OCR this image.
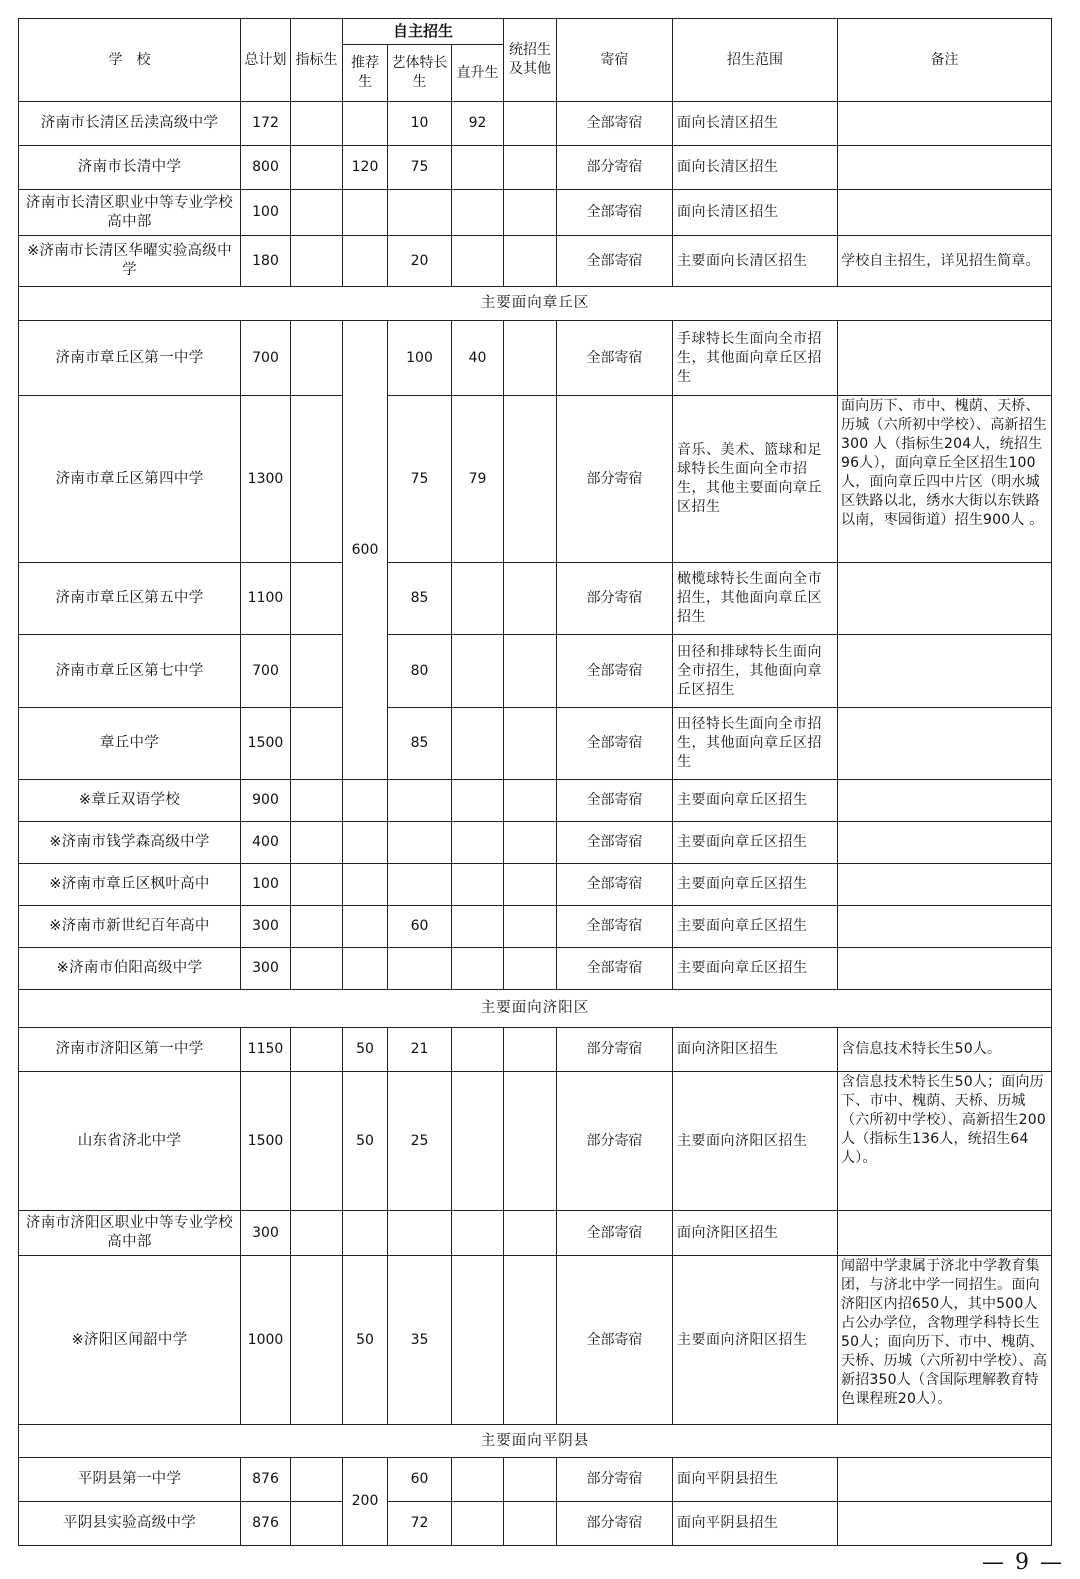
学　校	总计划	指标生	自主招生			统招生及其他	寄宿	招生范围	备注
			推荐生	艺体特长生	直升生				
济南市长清区岳渎高级中学	172			10	92		全部寄宿	面向长清区招生	
济南市长清中学	800		120	75			部分寄宿	面向长清区招生	
济南市长清区职业中等专业学校高中部	100						全部寄宿	面向长清区招生	
※济南市长清区华曜实验高级中学	180			20			全部寄宿	主要面向长清区招生	学校自主招生，详见招生简章。
主要面向章丘区									
济南市章丘区第一中学	700		600	100	40		全部寄宿	手球特长生面向全市招生，其他面向章丘区招生	
济南市章丘区第四中学	1300			75	79		部分寄宿	音乐、美术、篮球和足球特长生面向全市招生，其他主要面向章丘区招生	面向历下、市中、槐荫、天桥、历城（六所初中学校）、高新招生300 人（指标生204人，统招生96人），面向章丘全区招生100人，面向章丘四中片区（明水城区铁路以北，绣水大街以东铁路以南，枣园街道）招生900人 。
济南市章丘区第五中学	1100			85			部分寄宿	橄榄球特长生面向全市招生，其他面向章丘区招生	
济南市章丘区第七中学	700			80			全部寄宿	田径和排球特长生面向全市招生，其他面向章丘区招生	
章丘中学	1500			85			全部寄宿	田径特长生面向全市招生，其他面向章丘区招生	
※章丘双语学校	900						全部寄宿	主要面向章丘区招生	
※济南市钱学森高级中学	400						全部寄宿	主要面向章丘区招生	
※济南市章丘区枫叶高中	100						全部寄宿	主要面向章丘区招生	
※济南市新世纪百年高中	300			60			全部寄宿	主要面向章丘区招生	
※济南市伯阳高级中学	300						全部寄宿	主要面向章丘区招生	
主要面向济阳区									
济南市济阳区第一中学	1150		50	21			部分寄宿	面向济阳区招生	含信息技术特长生50人。
山东省济北中学	1500		50	25			部分寄宿	主要面向济阳区招生	含信息技术特长生50人；面向历下、市中、槐荫、天桥、历城（六所初中学校）、高新招生200 人（指标生136人，统招生64人）。
济南市济阳区职业中等专业学校高中部	300						全部寄宿	面向济阳区招生	
※济阳区闻韶中学	1000		50	35			全部寄宿	主要面向济阳区招生	闻韶中学隶属于济北中学教育集团，与济北中学一同招生。面向济阳区内招650人，其中500人占公办学位，含物理学科特长生50人；面向历下、市中、槐荫、天桥、历城（六所初中学校）、高新招350人（含国际理解教育特色课程班20人）。
主要面向平阴县									
平阴县第一中学	876		200	60			部分寄宿	面向平阴县招生	
平阴县实验高级中学	876			72			部分寄宿	面向平阴县招生	
— 9 —
